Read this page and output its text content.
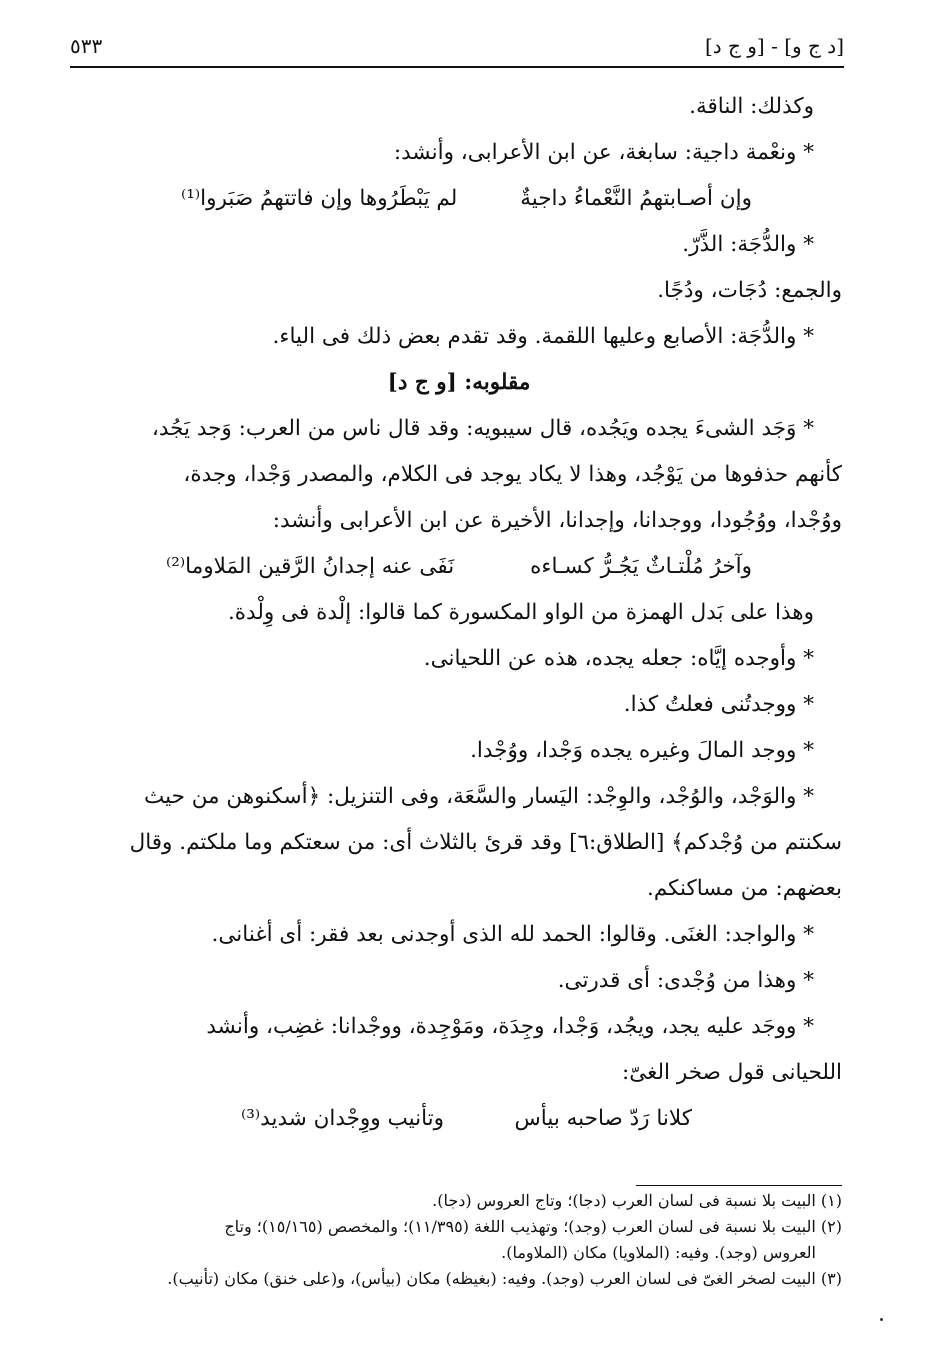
[د ج و] - [و ج د]
٥٣٣
وكذلك: الناقة.
* ونعْمة داجية: سابغة، عن ابن الأعرابى، وأنشد:
وإن أصـابتهمُ النَّعْماءُ داجيةٌ
لم يَبْطَرُوها وإن فاتتهمُ صَبَروا⁽¹⁾
* والدُّجَة: الذَّرّ.
والجمع: دُجَات، ودُجًا.
* والدُّجَة: الأصابع وعليها اللقمة. وقد تقدم بعض ذلك فى الياء.
مقلوبه: [و ج د]
* وَجَد الشىءَ يجده ويَجُده، قال سيبويه: وقد قال ناس من العرب: وَجد يَجُد،
كأنهم حذفوها من يَوْجُد، وهذا لا يكاد يوجد فى الكلام، والمصدر وَجْدا، وجدة،
ووُجْدا، ووُجُودا، ووجدانا، وإجدانا، الأخيرة عن ابن الأعرابى وأنشد:
وآخرُ مُلْتـاثٌ يَجُـرُّ كسـاءه
نَفَى عنه إجدانُ الرَّقين المَلاوما⁽²⁾
وهذا على بَدل الهمزة من الواو المكسورة كما قالوا: إلْدة فى وِلْدة.
* وأوجده إيَّاه: جعله يجده، هذه عن اللحيانى.
* ووجدتُنى فعلتُ كذا.
* ووجد المالَ وغيره يجده وَجْدا، ووُجْدا.
* والوَجْد، والوُجْد، والوِجْد: اليَسار والسَّعَة، وفى التنزيل: ﴿أسكنوهن من حيث
سكنتم من وُجْدكم﴾ [الطلاق:٦] وقد قرئ بالثلاث أى: من سعتكم وما ملكتم. وقال
بعضهم: من مساكنكم.
* والواجد: الغنَى. وقالوا: الحمد لله الذى أوجدنى بعد فقر: أى أغنانى.
* وهذا من وُجْدى: أى قدرتى.
* ووجَد عليه يجد، ويجُد، وَجْدا، وجِدَة، ومَوْجِدة، ووجْدانا: غضِب، وأنشد
اللحيانى قول صخر الغىّ:
كلانا رَدّ صاحبه بيأس
وتأنيب ووِجْدان شديد⁽³⁾
(١) البيت بلا نسبة فى لسان العرب (دجا)؛ وتاج العروس (دجا).
(٢) البيت بلا نسبة فى لسان العرب (وجد)؛ وتهذيب اللغة (١١/٣٩٥)؛ والمخصص (١٥/١٦٥)؛ وتاج
العروس (وجد). وفيه: (الملاويا) مكان (الملاوما).
(٣) البيت لصخر الغىّ فى لسان العرب (وجد). وفيه: (بغيظه) مكان (بيأس)، و(على خنق) مكان (تأنيب).
